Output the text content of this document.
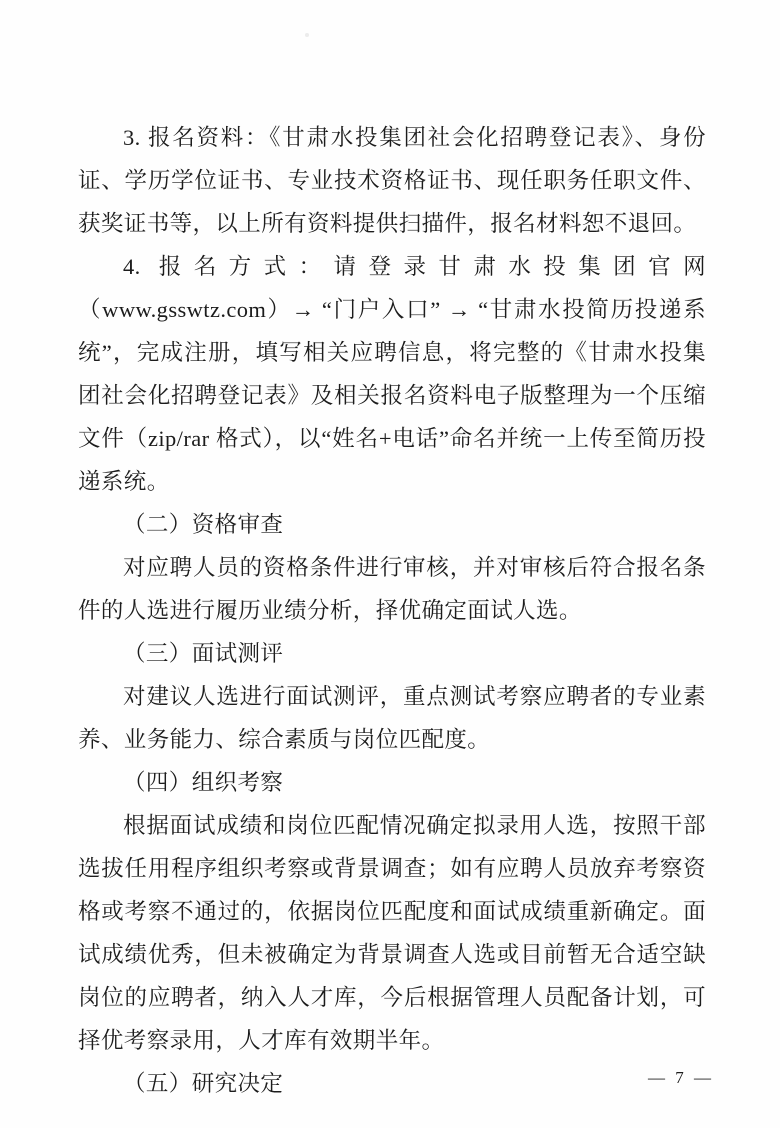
3. 报名资料：《甘肃水投集团社会化招聘登记表》、身份证、学历学位证书、专业技术资格证书、现任职务任职文件、获奖证书等，以上所有资料提供扫描件，报名材料恕不退回。

4. 报名方式：请登录甘肃水投集团官网（www.gsswtz.com）→ “门户入口” → “甘肃水投简历投递系统”，完成注册，填写相关应聘信息，将完整的《甘肃水投集团社会化招聘登记表》及相关报名资料电子版整理为一个压缩文件（zip/rar 格式），以“姓名+电话”命名并统一上传至简历投递系统。

（二）资格审查

对应聘人员的资格条件进行审核，并对审核后符合报名条件的人选进行履历业绩分析，择优确定面试人选。

（三）面试测评

对建议人选进行面试测评，重点测试考察应聘者的专业素养、业务能力、综合素质与岗位匹配度。

（四）组织考察

根据面试成绩和岗位匹配情况确定拟录用人选，按照干部选拔任用程序组织考察或背景调查；如有应聘人员放弃考察资格或考察不通过的，依据岗位匹配度和面试成绩重新确定。面试成绩优秀，但未被确定为背景调查人选或目前暂无合适空缺岗位的应聘者，纳入人才库，今后根据管理人员配备计划，可择优考察录用，人才库有效期半年。

（五）研究决定	— 7 —
